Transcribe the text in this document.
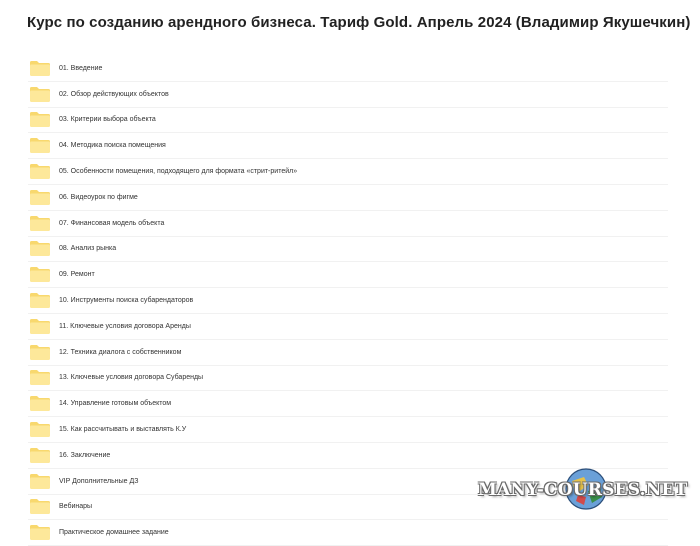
Курс по созданию арендного бизнеса. Тариф Gold. Апрель 2024 (Владимир Якушечкин)
01. Введение
02. Обзор действующих объектов
03. Критерии выбора объекта
04. Методика поиска помещения
05. Особенности помещения, подходящего для формата «стрит-ритейл»
06. Видеоурок по фигме
07. Финансовая модель объекта
08. Анализ рынка
09. Ремонт
10. Инструменты поиска субарендаторов
11. Ключевые условия договора Аренды
12. Техника диалога с собственником
13. Ключевые условия договора Субаренды
14. Управление готовым объектом
15. Как рассчитывать и выставлять К.У
16. Заключение
VIP Дополнительные ДЗ
Вебинары
Практическое домашнее задание
MANY-COURSES.NET
